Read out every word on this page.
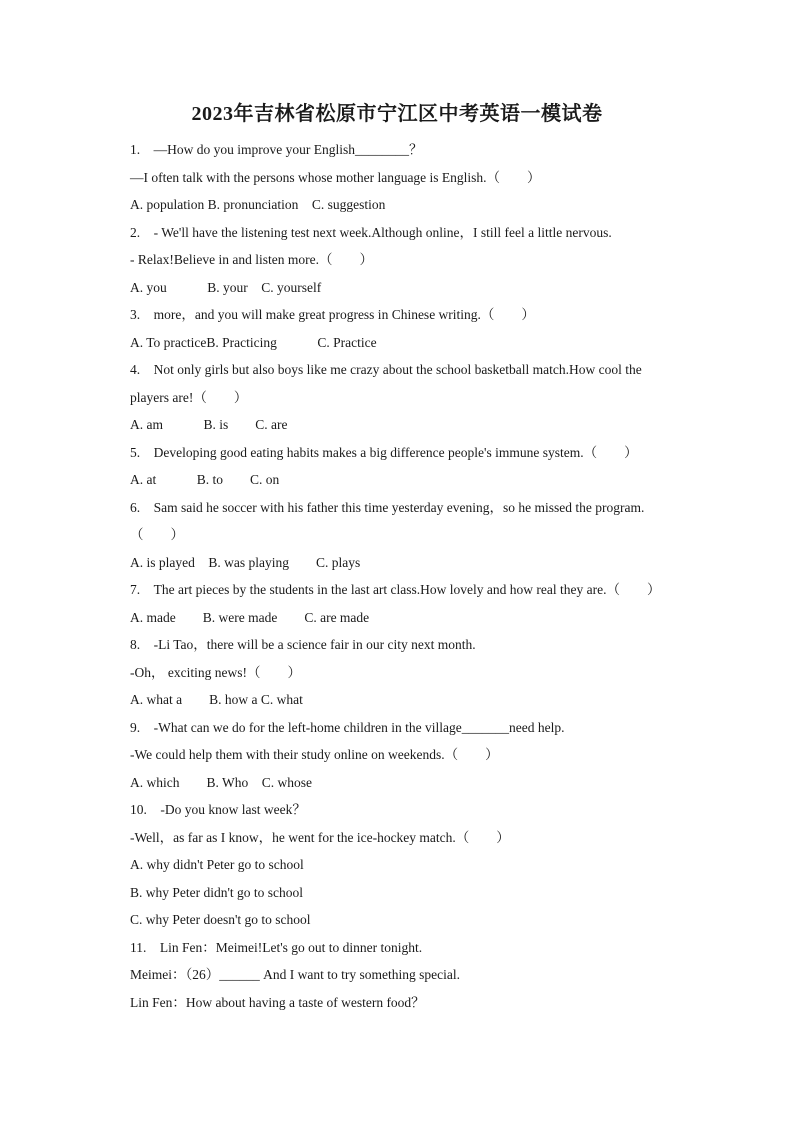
2023年吉林省松原市宁江区中考英语一模试卷
1.　—How do you improve your English________？
—I often talk with the persons whose mother language is English.（　　）
A. population B. pronunciation　C. suggestion
2.　- We'll have the listening test next week.Although online，I still feel a little nervous.
- Relax!Believe in and listen more.（　　）
A. you　　　B. your　C. yourself
3.　more，and you will make great progress in Chinese writing.（　　）
A. To practiceB. Practicing　　　C. Practice
4.　Not only girls but also boys like me crazy about the school basketball match.How cool the
players are!（　　）
A. am　　　B. is　　C. are
5.　Developing good eating habits makes a big difference people's immune system.（　　）
A. at　　　B. to　　C. on
6.　Sam said he soccer with his father this time yesterday evening，so he missed the program.
（　　）
A. is played　B. was playing　　C. plays
7.　The art pieces by the students in the last art class.How lovely and how real they are.（　　）
A. made　　B. were made　　C. are made
8.　-Li Tao，there will be a science fair in our city next month.
-Oh， exciting news!（　　）
A. what a　　B. how a C. what
9.　-What can we do for the left-home children in the village_______need help.
-We could help them with their study online on weekends.（　　）
A. which　　B. Who　C. whose
10.　-Do you know last week？
-Well，as far as I know，he went for the ice-hockey match.（　　）
A. why didn't Peter go to school
B. why Peter didn't go to school
C. why Peter doesn't go to school
11.　Lin Fen：Meimei!Let's go out to dinner tonight.
Meimei：（26）______ And I want to try something special.
Lin Fen：How about having a taste of western food？
